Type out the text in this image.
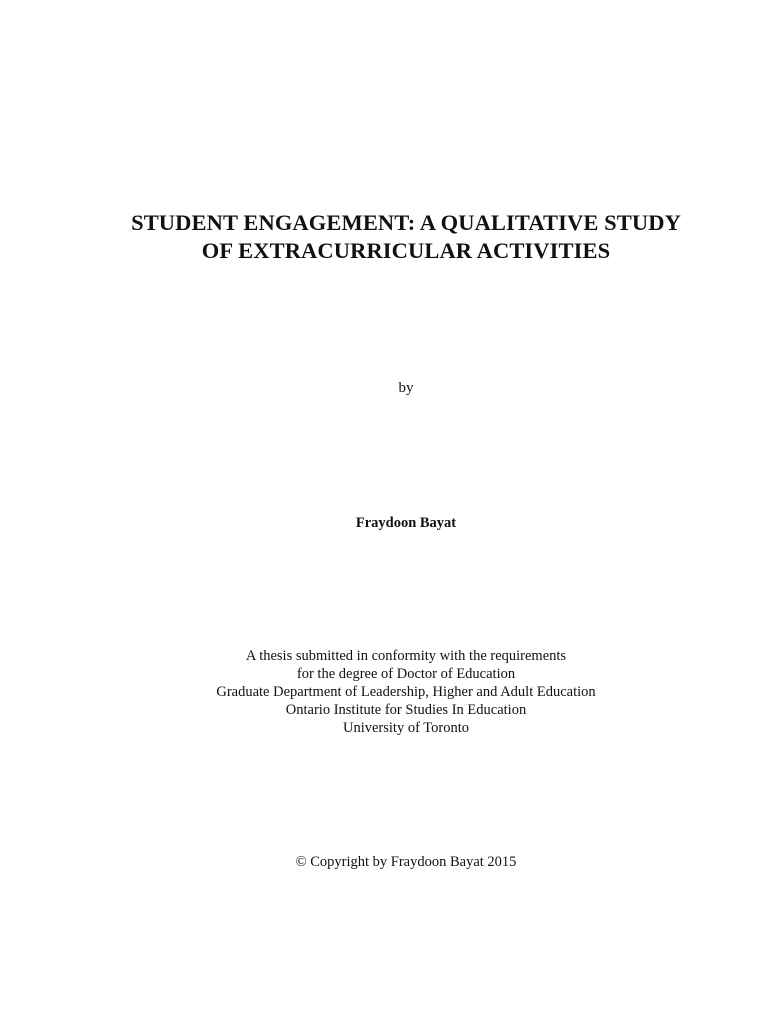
STUDENT ENGAGEMENT: A QUALITATIVE STUDY
OF EXTRACURRICULAR ACTIVITIES
by
Fraydoon Bayat
A thesis submitted in conformity with the requirements
for the degree of Doctor of Education
Graduate Department of Leadership, Higher and Adult Education
Ontario Institute for Studies In Education
University of Toronto
© Copyright by Fraydoon Bayat 2015
